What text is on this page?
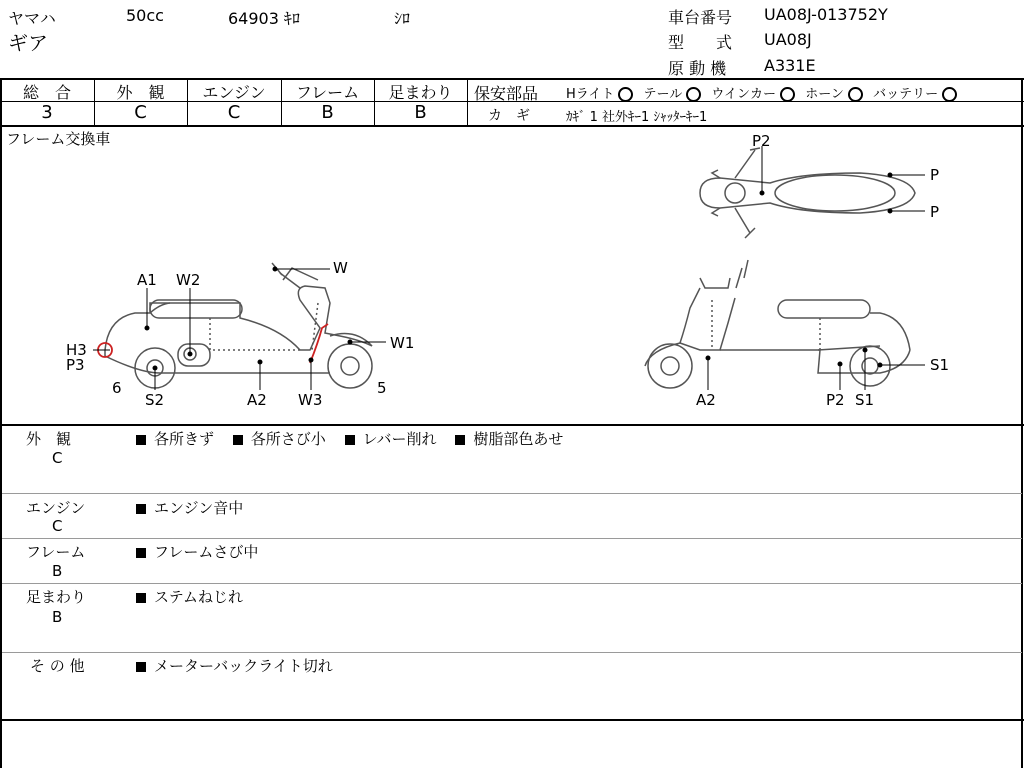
ヤマハ	50cc	64903 ｷﾛ	ｼﾛ
ギア
車台番号 UA08J-013752Y
型　　式 UA08J
原 動 機 A331E
総　合	外　観	エンジン	フレーム	足まわり
3	C	C	B	B
保安部品 Hライト テール ウインカー ホーン バッテリー
カ　ギ	ｶｷﾞ 1 社外ｷｰ1 ｼｬｯﾀｰｷｰ1
フレーム交換車
A1 W2
W
W1
H3
P3
6
S2	A2 W3
5
P2
P
P
S1
A2	P2 S1
外　観
C
各所きず 各所さび小 レバー削れ 樹脂部色あせ
エンジン
C
エンジン音中
フレーム
B
フレームさび中
足まわり
B
ステムねじれ
そ の 他	メーターバックライト切れ
